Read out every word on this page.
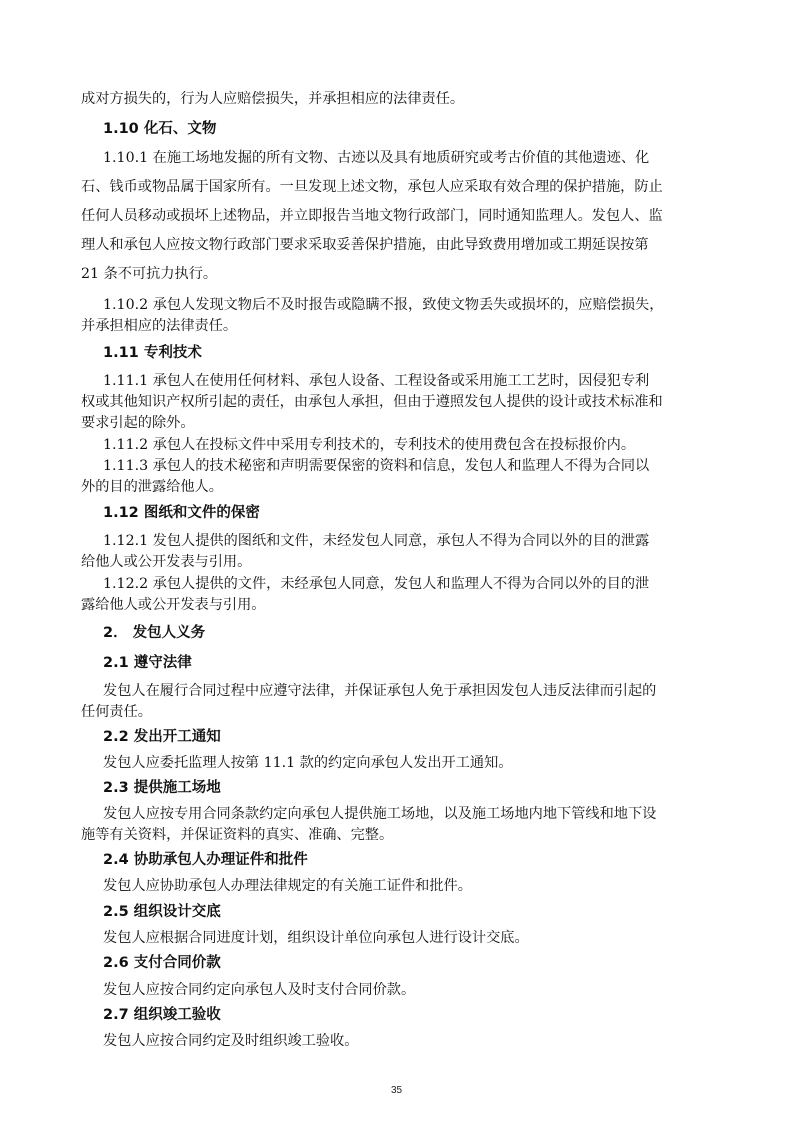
成对方损失的，行为人应赔偿损失，并承担相应的法律责任。
1.10 化石、文物
1.10.1 在施工场地发掘的所有文物、古迹以及具有地质研究或考古价值的其他遗迹、化
石、钱币或物品属于国家所有。一旦发现上述文物，承包人应采取有效合理的保护措施，防止
任何人员移动或损坏上述物品，并立即报告当地文物行政部门，同时通知监理人。发包人、监
理人和承包人应按文物行政部门要求采取妥善保护措施，由此导致费用增加或工期延误按第
21 条不可抗力执行。
1.10.2 承包人发现文物后不及时报告或隐瞒不报，致使文物丢失或损坏的，应赔偿损失，
并承担相应的法律责任。
1.11 专利技术
1.11.1 承包人在使用任何材料、承包人设备、工程设备或采用施工工艺时，因侵犯专利
权或其他知识产权所引起的责任，由承包人承担，但由于遵照发包人提供的设计或技术标准和
要求引起的除外。
1.11.2 承包人在投标文件中采用专利技术的，专利技术的使用费包含在投标报价内。
1.11.3 承包人的技术秘密和声明需要保密的资料和信息，发包人和监理人不得为合同以
外的目的泄露给他人。
1.12 图纸和文件的保密
1.12.1 发包人提供的图纸和文件，未经发包人同意，承包人不得为合同以外的目的泄露
给他人或公开发表与引用。
1.12.2 承包人提供的文件，未经承包人同意，发包人和监理人不得为合同以外的目的泄
露给他人或公开发表与引用。
2． 发包人义务
2.1 遵守法律
发包人在履行合同过程中应遵守法律，并保证承包人免于承担因发包人违反法律而引起的
任何责任。
2.2 发出开工通知
发包人应委托监理人按第 11.1 款的约定向承包人发出开工通知。
2.3 提供施工场地
发包人应按专用合同条款约定向承包人提供施工场地，以及施工场地内地下管线和地下设
施等有关资料，并保证资料的真实、准确、完整。
2.4 协助承包人办理证件和批件
发包人应协助承包人办理法律规定的有关施工证件和批件。
2.5 组织设计交底
发包人应根据合同进度计划，组织设计单位向承包人进行设计交底。
2.6 支付合同价款
发包人应按合同约定向承包人及时支付合同价款。
2.7 组织竣工验收
发包人应按合同约定及时组织竣工验收。
35
